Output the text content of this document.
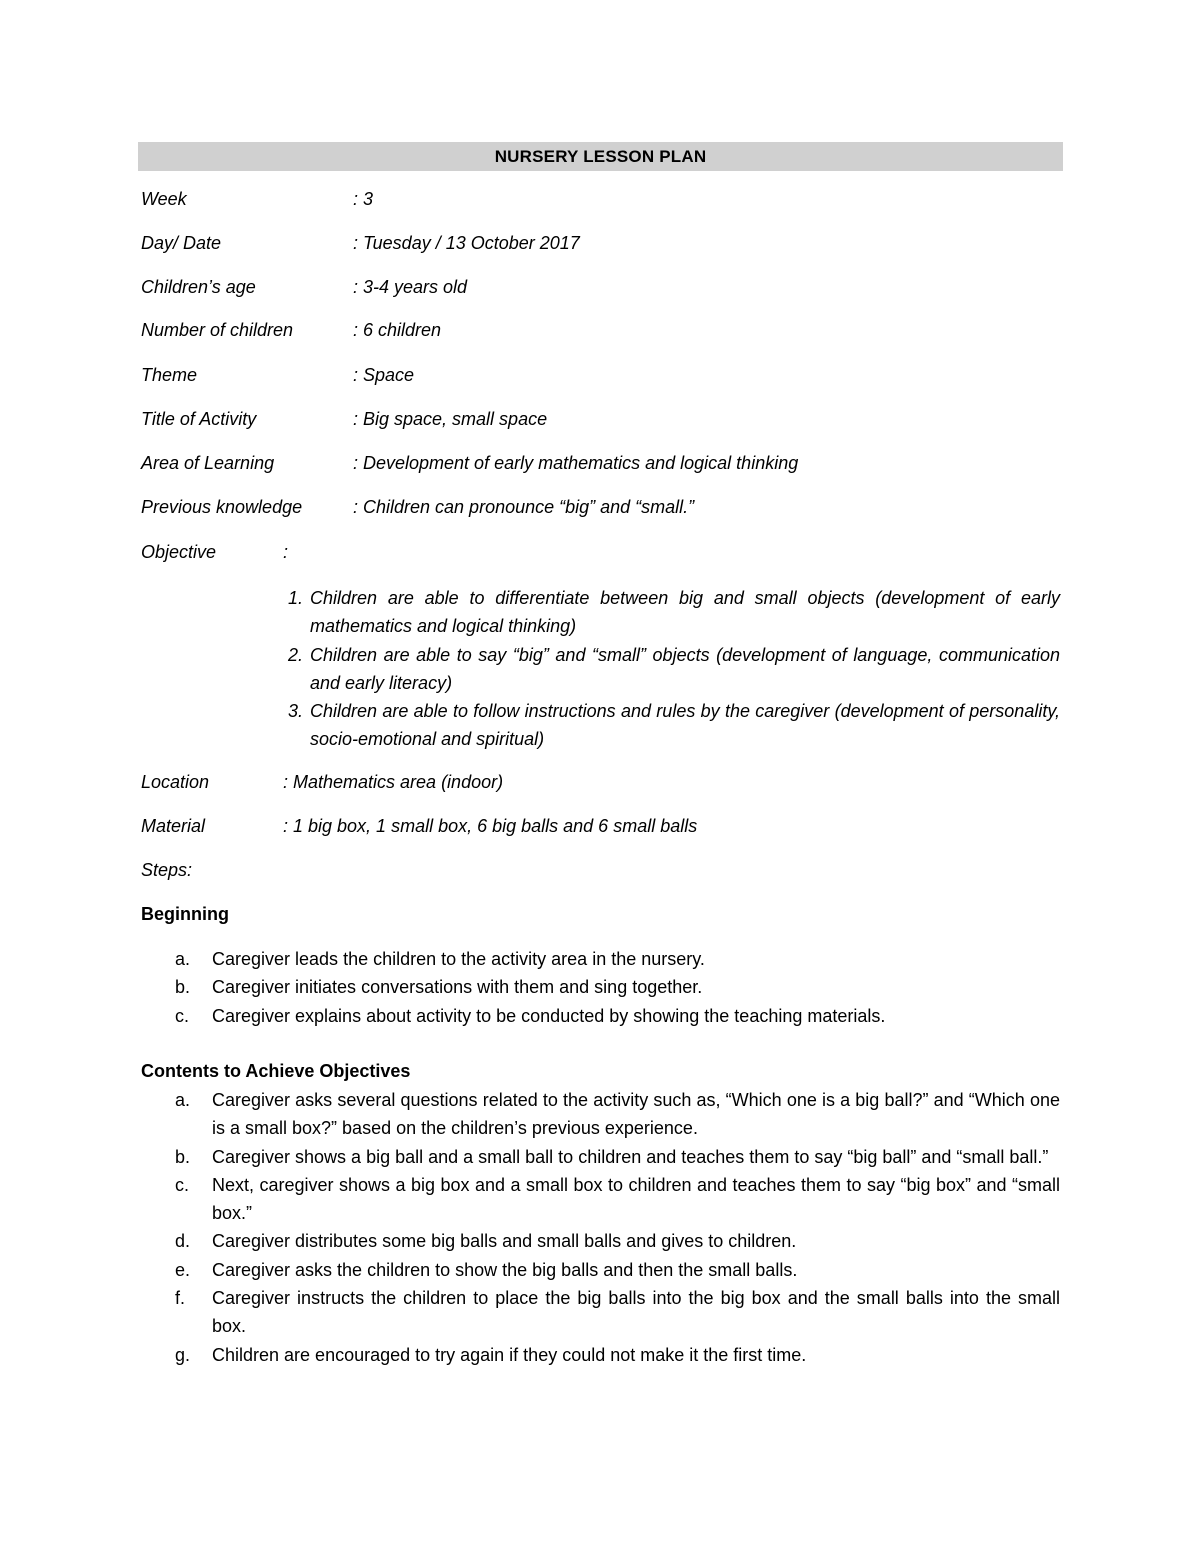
NURSERY LESSON PLAN
Week	: 3
Day/ Date	: Tuesday / 13 October 2017
Children’s age	: 3-4 years old
Number of children	: 6 children
Theme	: Space
Title of Activity	: Big space, small space
Area of Learning	: Development of early mathematics and logical thinking
Previous knowledge	: Children can pronounce “big” and “small.”
Objective	:
1. Children are able to differentiate between big and small objects (development of early mathematics and logical thinking)
2. Children are able to say “big” and “small” objects (development of language, communication and early literacy)
3. Children are able to follow instructions and rules by the caregiver (development of personality, socio-emotional and spiritual)
Location	: Mathematics area (indoor)
Material	: 1 big box, 1 small box, 6 big balls and 6 small balls
Steps:
Beginning
a. Caregiver leads the children to the activity area in the nursery.
b. Caregiver initiates conversations with them and sing together.
c. Caregiver explains about activity to be conducted by showing the teaching materials.
Contents to Achieve Objectives
a. Caregiver asks several questions related to the activity such as, “Which one is a big ball?” and “Which one is a small box?” based on the children’s previous experience.
b. Caregiver shows a big ball and a small ball to children and teaches them to say “big ball” and “small ball.”
c. Next, caregiver shows a big box and a small box to children and teaches them to say “big box” and “small box.”
d. Caregiver distributes some big balls and small balls and gives to children.
e. Caregiver asks the children to show the big balls and then the small balls.
f. Caregiver instructs the children to place the big balls into the big box and the small balls into the small box.
g. Children are encouraged to try again if they could not make it the first time.
